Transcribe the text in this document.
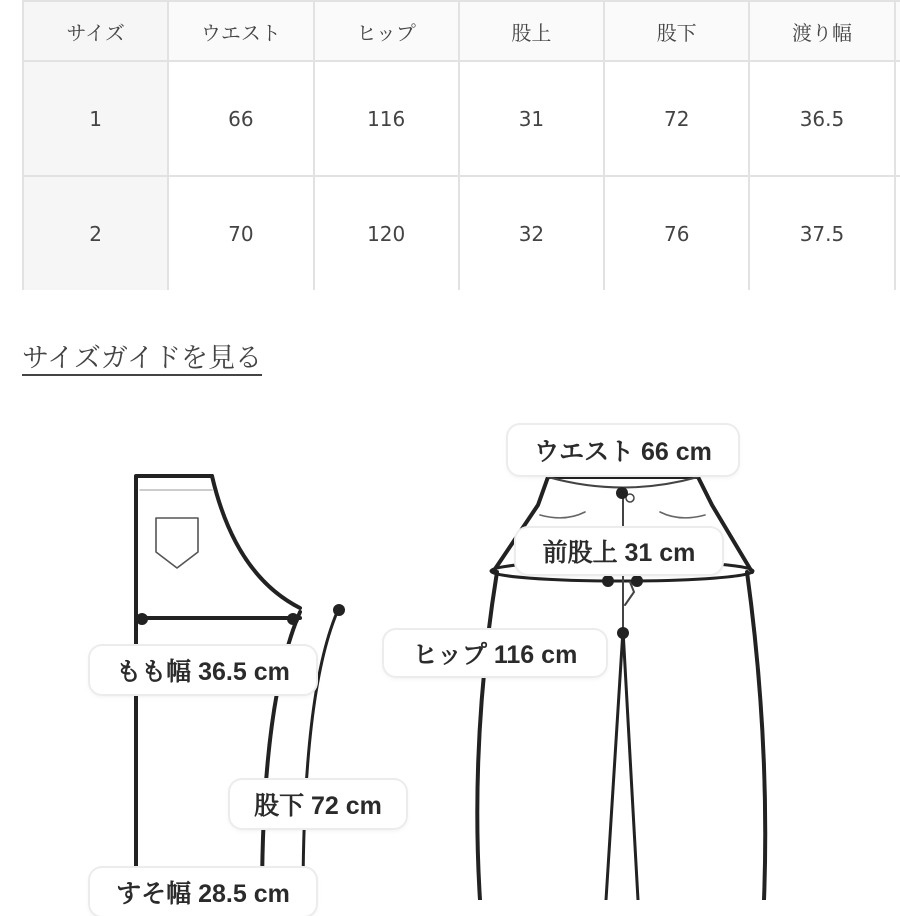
サイズ	ウエスト	ヒップ	股上	股下	渡り幅	
1	66	116	31	72	36.5	
2	70	120	32	76	37.5	
サイズガイドを見る
ウエスト 66 cm
前股上 31 cm
ヒップ 116 cm
もも幅 36.5 cm
股下 72 cm
すそ幅 28.5 cm
